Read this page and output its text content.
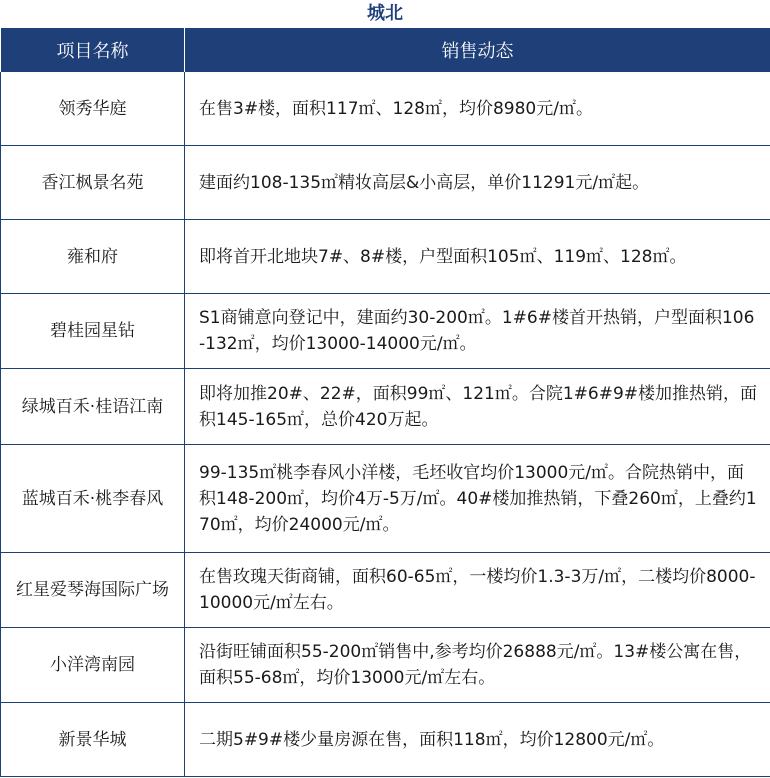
城北
项目名称	销售动态
领秀华庭	在售3#楼，面积117㎡、128㎡，均价8980元/㎡。
香江枫景名苑	建面约108-135㎡精妆高层&小高层，单价11291元/㎡起。
雍和府	即将首开北地块7#、8#楼，户型面积105㎡、119㎡、128㎡。
碧桂园星钻	S1商铺意向登记中，建面约30-200㎡。1#6#楼首开热销，户型面积106-132㎡，均价13000-14000元/㎡。
绿城百禾·桂语江南	即将加推20#、22#，面积99㎡、121㎡。合院1#6#9#楼加推热销，面积145-165㎡，总价420万起。
蓝城百禾·桃李春风	99-135㎡桃李春风小洋楼，毛坯收官均价13000元/㎡。合院热销中，面积148-200㎡，均价4万-5万/㎡。40#楼加推热销，下叠260㎡，上叠约170㎡，均价24000元/㎡。
红星爱琴海国际广场	在售玫瑰天街商铺，面积60-65㎡，一楼均价1.3-3万/㎡，二楼均价8000-10000元/㎡左右。
小洋湾南园	沿街旺铺面积55-200㎡销售中,参考均价26888元/㎡。13#楼公寓在售，面积55-68㎡，均价13000元/㎡左右。
新景华城	二期5#9#楼少量房源在售，面积118㎡，均价12800元/㎡。
